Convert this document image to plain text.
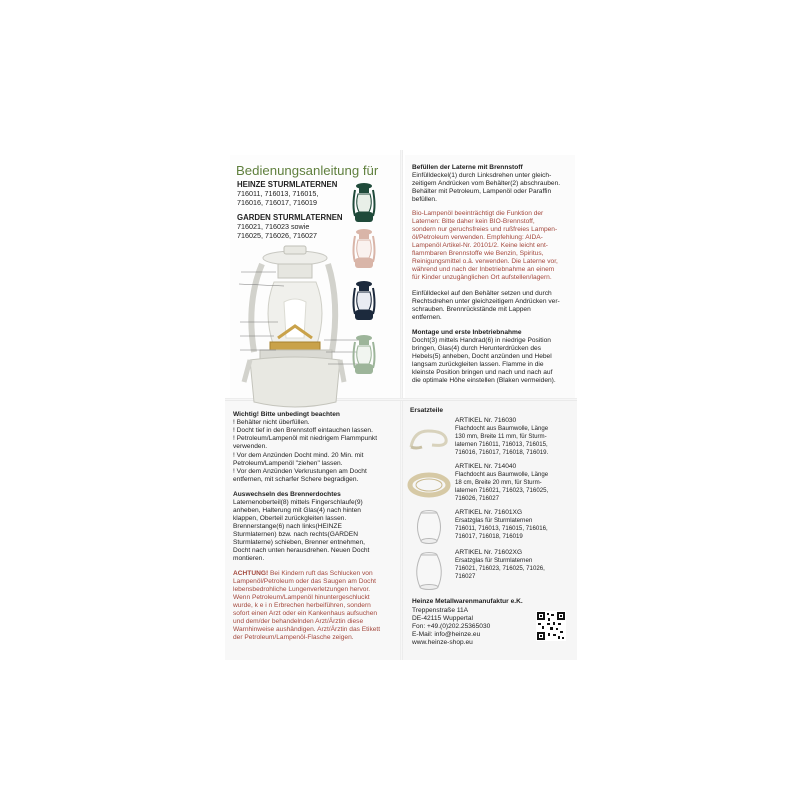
Bedienungsanleitung für
HEINZE STURMLATERNEN
716011, 716013, 716015,
716016, 716017, 716019
GARDEN STURMLATERNEN
716021, 716023 sowie
716025, 716026, 716027
Befüllen der Laterne mit Brennstoff
Einfülldeckel(1) durch Linksdrehen unter gleich-
zeitigem Andrücken vom Behälter(2) abschrauben.
Behälter mit Petroleum, Lampenöl oder Paraffin
befüllen.
Bio-Lampenöl beeinträchtigt die Funktion der
Laternen: Bitte daher kein BIO-Brennstoff,
sondern nur geruchsfreies und rußfreies Lampen-
öl/Petroleum verwenden. Empfehlung: AIDA-
Lampenöl Artikel-Nr. 20101/2. Keine leicht ent-
flammbaren Brennstoffe wie Benzin, Spiritus,
Reinigungsmittel o.ä. verwenden. Die Laterne vor,
während und nach der Inbetriebnahme an einem
für Kinder unzugänglichen Ort aufstellen/lagern.
Einfülldeckel auf den Behälter setzen und durch
Rechtsdrehen unter gleichzeitigem Andrücken ver-
schrauben. Brennrückstände mit Lappen
entfernen.
Montage und erste Inbetriebnahme
Docht(3) mittels Handrad(6) in niedrige Position
bringen, Glas(4) durch Herunterdrücken des
Hebels(5) anheben, Docht anzünden und Hebel
langsam zurückgleiten lassen. Flamme in die
kleinste Position bringen und nach und nach auf
die optimale Höhe einstellen (Blaken vermeiden).
Wichtig! Bitte unbedingt beachten
! Behälter nicht überfüllen.
! Docht tief in den Brennstoff eintauchen lassen.
! Petroleum/Lampenöl mit niedrigem Flammpunkt
verwenden.
! Vor dem Anzünden Docht mind. 20 Min. mit
Petroleum/Lampenöl "ziehen" lassen.
! Vor dem Anzünden Verkrustungen am Docht
entfernen, mit scharfer Schere begradigen.
Auswechseln des Brennerdochtes
Laternenoberteil(8) mittels Fingerschlaufe(9)
anheben, Halterung mit Glas(4) nach hinten
klappen, Oberteil zurückgleiten lassen.
Brennerstange(6) nach links(HEINZE
Sturmlaternen) bzw. nach rechts(GARDEN
Sturmlaterne) schieben, Brenner entnehmen,
Docht nach unten herausdrehen. Neuen Docht
montieren.
ACHTUNG! Bei Kindern ruft das Schlucken von
Lampenöl/Petroleum oder das Saugen am Docht
lebensbedrohliche Lungenverletzungen hervor.
Wenn Petroleum/Lampenöl hinuntergeschluckt
wurde, k e i n Erbrechen herbeiführen, sondern
sofort einen Arzt oder ein Kankenhaus aufsuchen
und dem/der behandelnden Arzt/Ärztin diese
Warnhinweise aushändigen. Arzt/Ärztin das Etikett
der Petroleum/Lampenöl-Flasche zeigen.
Ersatzteile
ARTIKEL Nr. 716030
Flachdocht aus Baumwolle, Länge
130 mm, Breite 11 mm, für Sturm-
laternen 716011, 716013, 716015,
716016, 716017, 716018, 716019.
ARTIKEL Nr. 714040
Flachdocht aus Baumwolle, Länge
18 cm, Breite 20 mm, für Sturm-
laternen 716021, 716023, 716025,
716026, 716027
ARTIKEL Nr. 71601XG
Ersatzglas für Sturmlaternen
716011, 716013, 716015, 716016,
716017, 716018, 716019
ARTIKEL Nr. 71602XG
Ersatzglas für Sturmlaternen
716021, 716023, 716025, 71026,
716027
Heinze Metallwarenmanufaktur e.K.
Treppenstraße 11A
DE-42115 Wuppertal
Fon: +49.(0)202.25365030
E-Mail: info@heinze.eu
www.heinze-shop.eu
